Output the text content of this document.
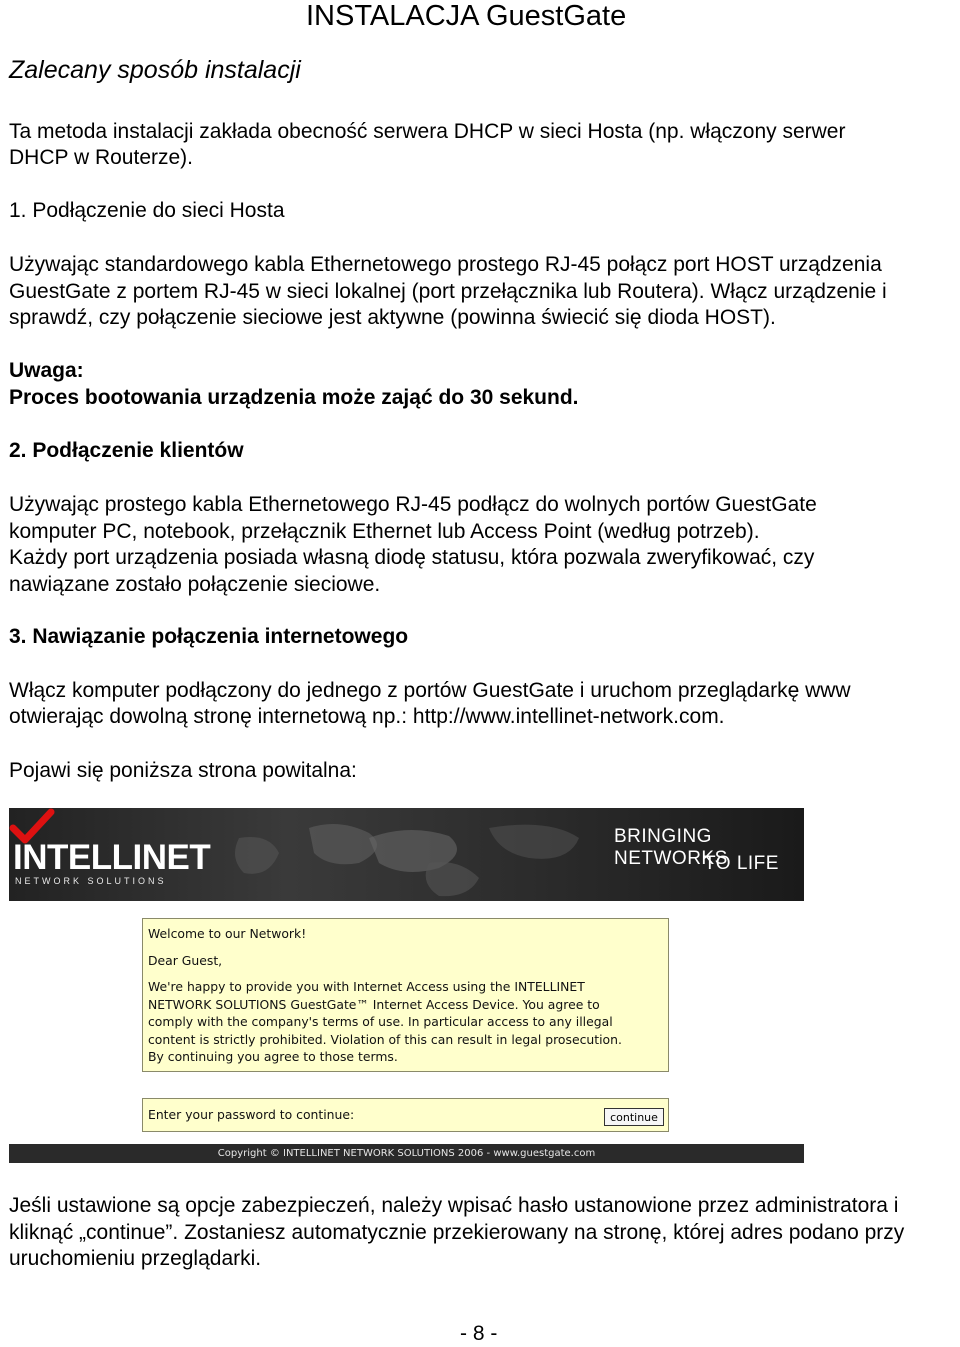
INSTALACJA GuestGate
Zalecany sposób instalacji
Ta metoda instalacji zakłada obecność serwera DHCP w sieci Hosta (np. włączony serwer
DHCP w Routerze).
1. Podłączenie do sieci Hosta
Używając standardowego kabla Ethernetowego prostego RJ-45 połącz port HOST urządzenia GuestGate z portem RJ-45 w sieci lokalnej (port przełącznika lub Routera). Włącz urządzenie i sprawdź, czy połączenie sieciowe jest aktywne (powinna świecić się dioda HOST).
Uwaga:
Proces bootowania urządzenia może zająć do 30 sekund.
2. Podłączenie klientów
Używając prostego kabla Ethernetowego RJ-45 podłącz do wolnych portów GuestGate komputer PC, notebook, przełącznik Ethernet lub Access Point (według potrzeb).
Każdy port urządzenia posiada własną diodę statusu, która pozwala zweryfikować, czy nawiązane zostało połączenie sieciowe.
3. Nawiązanie połączenia internetowego
Włącz komputer podłączony do jednego z portów GuestGate i uruchom przeglądarkę www
otwierając dowolną stronę internetową np.: http://www.intellinet-network.com.
Pojawi się poniższa strona powitalna:
INTELLINET
NETWORK SOLUTIONS
BRINGING NETWORKS
TO LIFE
Welcome to our Network!
Dear Guest,
We're happy to provide you with Internet Access using the INTELLINET
NETWORK SOLUTIONS GuestGate™ Internet Access Device. You agree to
comply with the company's terms of use. In particular access to any illegal
content is strictly prohibited. Violation of this can result in legal prosecution.
By continuing you agree to those terms.
Enter your password to continue:	continue
Copyright © INTELLINET NETWORK SOLUTIONS 2006 - www.guestgate.com
Jeśli ustawione są opcje zabezpieczeń, należy wpisać hasło ustanowione przez administratora i kliknąć „continue”. Zostaniesz automatycznie przekierowany na stronę, której adres podano przy uruchomieniu przeglądarki.
- 8 -
